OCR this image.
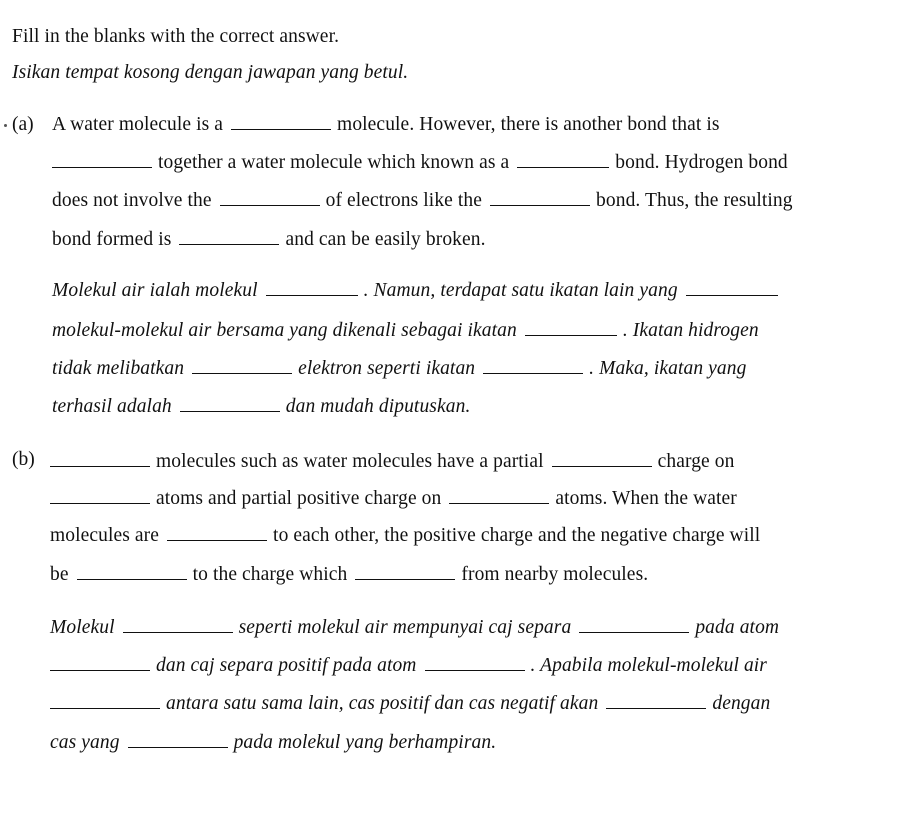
Fill in the blanks with the correct answer.
Isikan tempat kosong dengan jawapan yang betul.
(a) A water molecule is a	molecule. However, there is another bond that is
together a water molecule which known as a	bond. Hydrogen bond
does not involve the	of electrons like the	bond. Thus, the resulting
bond formed is	and can be easily broken.
Molekul air ialah molekul	. Namun, terdapat satu ikatan lain yang
molekul-molekul air bersama yang dikenali sebagai ikatan	. Ikatan hidrogen
tidak melibatkan	elektron seperti ikatan	. Maka, ikatan yang
terhasil adalah	dan mudah diputuskan.
(b)	molecules such as water molecules have a partial	charge on
atoms and partial positive charge on	atoms. When the water
molecules are	to each other, the positive charge and the negative charge will
be	to the charge which	from nearby molecules.
Molekul	seperti molekul air mempunyai caj separa	pada atom
dan caj separa positif pada atom	. Apabila molekul-molekul air
antara satu sama lain, cas positif dan cas negatif akan	dengan
cas yang	pada molekul yang berhampiran.
